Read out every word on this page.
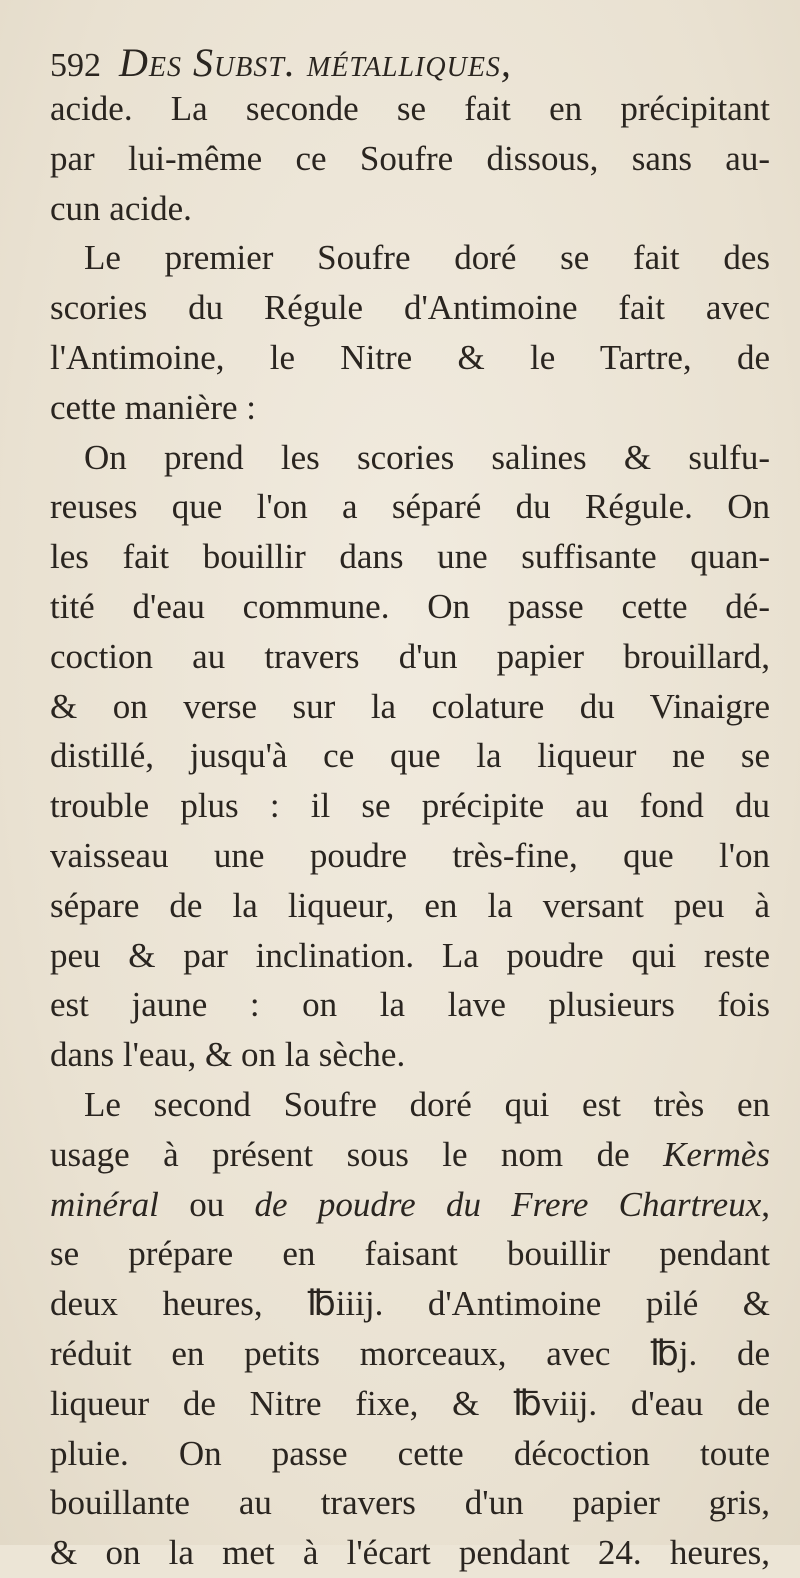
592 Des Subst. métalliques,
acide. La seconde se fait en précipitant
par lui-même ce Soufre dissous, sans au-
cun acide.
Le premier Soufre doré se fait des
scories du Régule d'Antimoine fait avec
l'Antimoine, le Nitre & le Tartre, de
cette manière :
On prend les scories salines & sulfu-
reuses que l'on a séparé du Régule. On
les fait bouillir dans une suffisante quan-
tité d'eau commune. On passe cette dé-
coction au travers d'un papier brouillard,
& on verse sur la colature du Vinaigre
distillé, jusqu'à ce que la liqueur ne se
trouble plus : il se précipite au fond du
vaisseau une poudre très-fine, que l'on
sépare de la liqueur, en la versant peu à
peu & par inclination. La poudre qui reste
est jaune : on la lave plusieurs fois
dans l'eau, & on la sèche.
Le second Soufre doré qui est très en
usage à présent sous le nom de Kermès
minéral ou de poudre du Frere Chartreux,
se prépare en faisant bouillir pendant
deux heures, ℔iiij. d'Antimoine pilé &
réduit en petits morceaux, avec ℔j. de
liqueur de Nitre fixe, & ℔viij. d'eau de
pluie. On passe cette décoction toute
bouillante au travers d'un papier gris,
& on la met à l'écart pendant 24. heures,
